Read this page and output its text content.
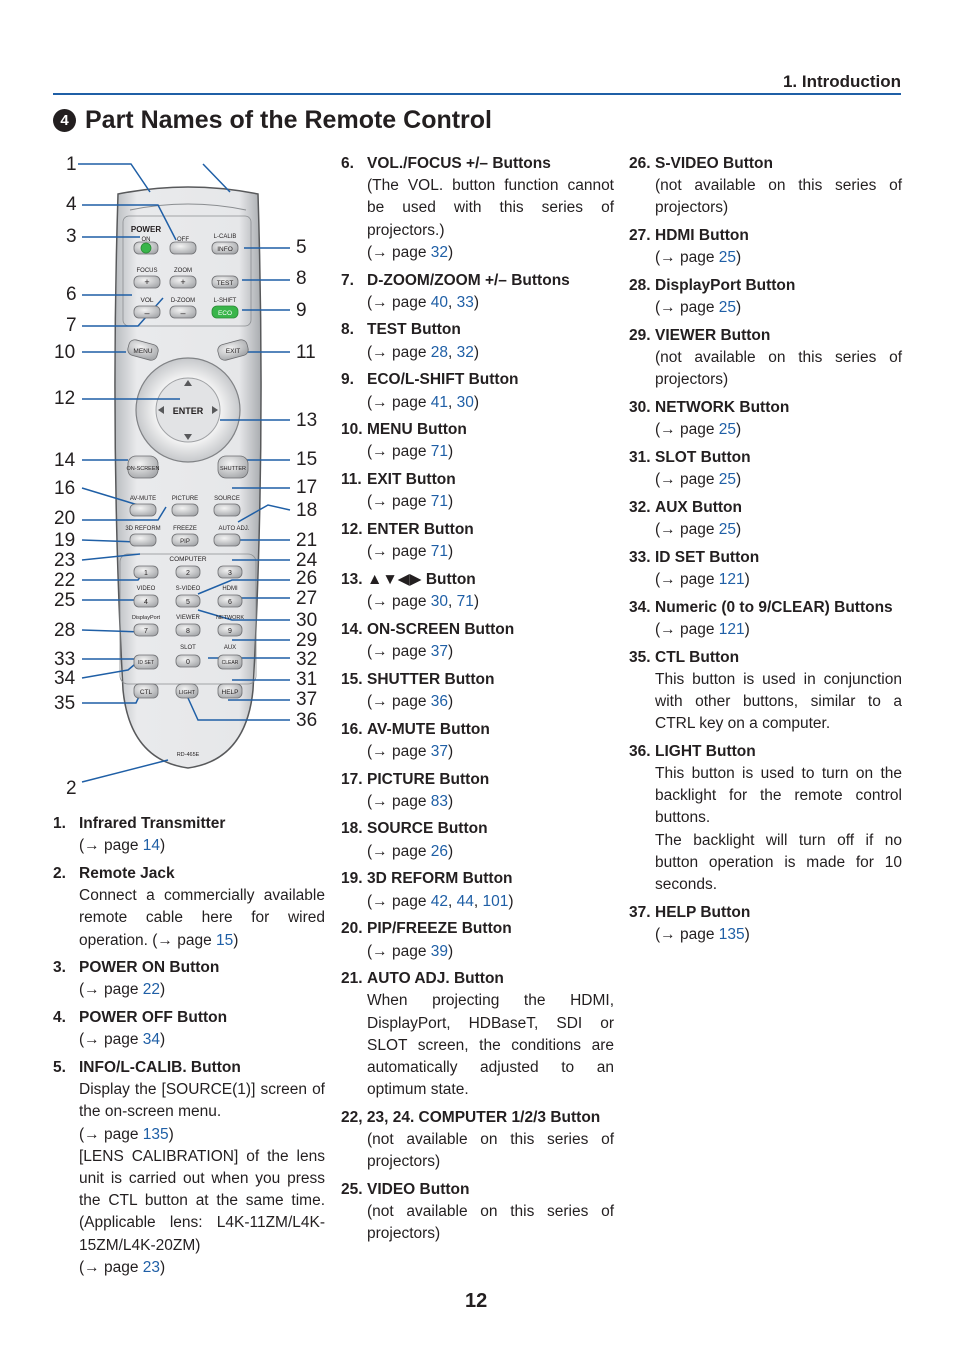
1. Introduction
4 Part Names of the Remote Control
POWER
ON	OFF	L-CALIB
INFO
FOCUS	ZOOM
TEST
VOL	D-ZOOM	L-SHIFT
ECO
+	+
–	–
MENU	EXIT
ENTER
ON-SCREEN	SHUTTER
AV-MUTE	PICTURE	SOURCE
3D REFORM FREEZE
PIP
AUTO ADJ.
COMPUTER
1	2	3
VIDEO	S-VIDEO	HDMI
4	5	6
DisplayPort	VIEWER	NETWORK
7	8	9
SLOT	AUX
ID SET	0	CLEAR
CTL	LIGHT	HELP
RD-465E
1
4
3
6
7
10
12
14
16
20
19
23
22
25
28
33
34
35
2
5
8
9
11
13
15
17
18
21
24
26
27
30
29
32
31
37
36
1. Infrared Transmitter
(→ page 14)
2. Remote Jack
Connect a commercially available remote cable here for wired operation. (→ page 15)
3. POWER ON Button
(→ page 22)
4. POWER OFF Button
(→ page 34)
5. INFO/L-CALIB. Button
Display the [SOURCE(1)] screen of the on-screen menu.
(→ page 135)
[LENS CALIBRATION] of the lens unit is carried out when you press the CTL button at the same time. (Applicable lens: L4K-11ZM/L4K-15ZM/L4K-20ZM)
(→ page 23)
6. VOL./FOCUS +/– Buttons
(The VOL. button function cannot be used with this series of projectors.)
(→ page 32)
7. D-ZOOM/ZOOM +/– Buttons
(→ page 40, 33)
8. TEST Button
(→ page 28, 32)
9. ECO/L-SHIFT Button
(→ page 41, 30)
10. MENU Button
(→ page 71)
11. EXIT Button
(→ page 71)
12. ENTER Button
(→ page 71)
13. ▲▼◀▶ Button
(→ page 30, 71)
14. ON-SCREEN Button
(→ page 37)
15. SHUTTER Button
(→ page 36)
16. AV-MUTE Button
(→ page 37)
17. PICTURE Button
(→ page 83)
18. SOURCE Button
(→ page 26)
19. 3D REFORM Button
(→ page 42, 44, 101)
20. PIP/FREEZE Button
(→ page 39)
21. AUTO ADJ. Button
When projecting the HDMI, DisplayPort, HDBaseT, SDI or SLOT screen, the conditions are automatically adjusted to an optimum state.
22, 23, 24. COMPUTER 1/2/3 Button
(not available on this series of projectors)
25. VIDEO Button
(not available on this series of projectors)
26. S-VIDEO Button
(not available on this series of projectors)
27. HDMI Button
(→ page 25)
28. DisplayPort Button
(→ page 25)
29. VIEWER Button
(not available on this series of projectors)
30. NETWORK Button
(→ page 25)
31. SLOT Button
(→ page 25)
32. AUX Button
(→ page 25)
33. ID SET Button
(→ page 121)
34. Numeric (0 to 9/CLEAR) Buttons
(→ page 121)
35. CTL Button
This button is used in conjunction with other buttons, similar to a CTRL key on a computer.
36. LIGHT Button
This button is used to turn on the backlight for the remote control buttons.
The backlight will turn off if no button operation is made for 10 seconds.
37. HELP Button
(→ page 135)
12
